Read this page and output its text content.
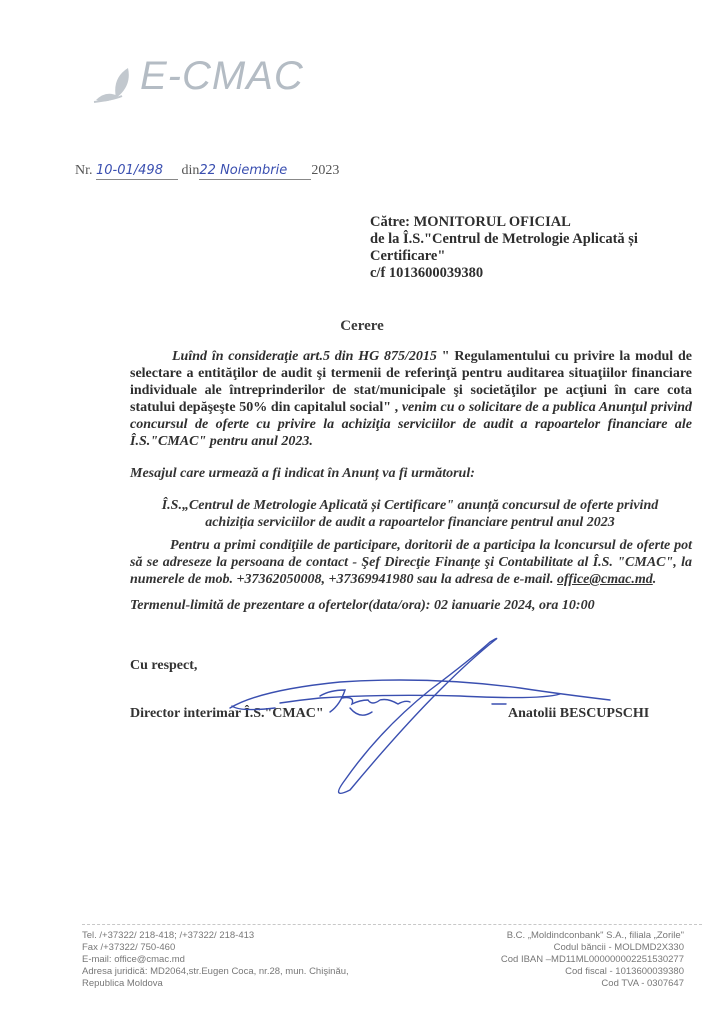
E-CMAC
Nr. 10-01/498 din22 Noiembrie 2023
Către: MONITORUL OFICIAL
de la Î.S."Centrul de Metrologie Aplicată și
Certificare"
c/f 1013600039380
Cerere
Luînd în consideraţie art.5 din HG 875/2015 " Regulamentului cu privire la modul de selectare a entităţilor de audit şi termenii de referinţă pentru auditarea situaţiilor financiare individuale ale întreprinderilor de stat/municipale şi societăţilor pe acţiuni în care cota statului depăşeşte 50% din capitalul social" , venim cu o solicitare de a publica Anunţul privind concursul de oferte cu privire la achiziţia serviciilor de audit a rapoartelor financiare ale Î.S."CMAC" pentru anul 2023.
Mesajul care urmează a fi indicat în Anunț va fi următorul:
Î.S.„Centrul de Metrologie Aplicată și Certificare" anunță concursul de oferte privind achiziția serviciilor de audit a rapoartelor financiare pentrul anul 2023
Pentru a primi condiţiile de participare, doritorii de a participa la lconcursul de oferte pot să se adreseze la persoana de contact - Şef Direcţie Finanţe şi Contabilitate al Î.S. "CMAC", la numerele de mob. +37362050008, +37369941980 sau la adresa de e-mail. office@cmac.md.
Termenul-limită de prezentare a ofertelor(data/ora): 02 ianuarie 2024, ora 10:00
Cu respect,
Director interimar Î.S."CMAC"	Anatolii BESCUPSCHI
Tel. /+37322/ 218-418; /+37322/ 218-413
Fax /+37322/ 750-460
E-mail: office@cmac.md
Adresa juridică: MD2064,str.Eugen Coca, nr.28, mun. Chişinău,
Republica Moldova
B.C. „Moldindconbank" S.A., filiala „Zorile"
Codul băncii - MOLDMD2X330
Cod IBAN –MD11ML000000002251530277
Cod fiscal - 1013600039380
Cod TVA - 0307647
